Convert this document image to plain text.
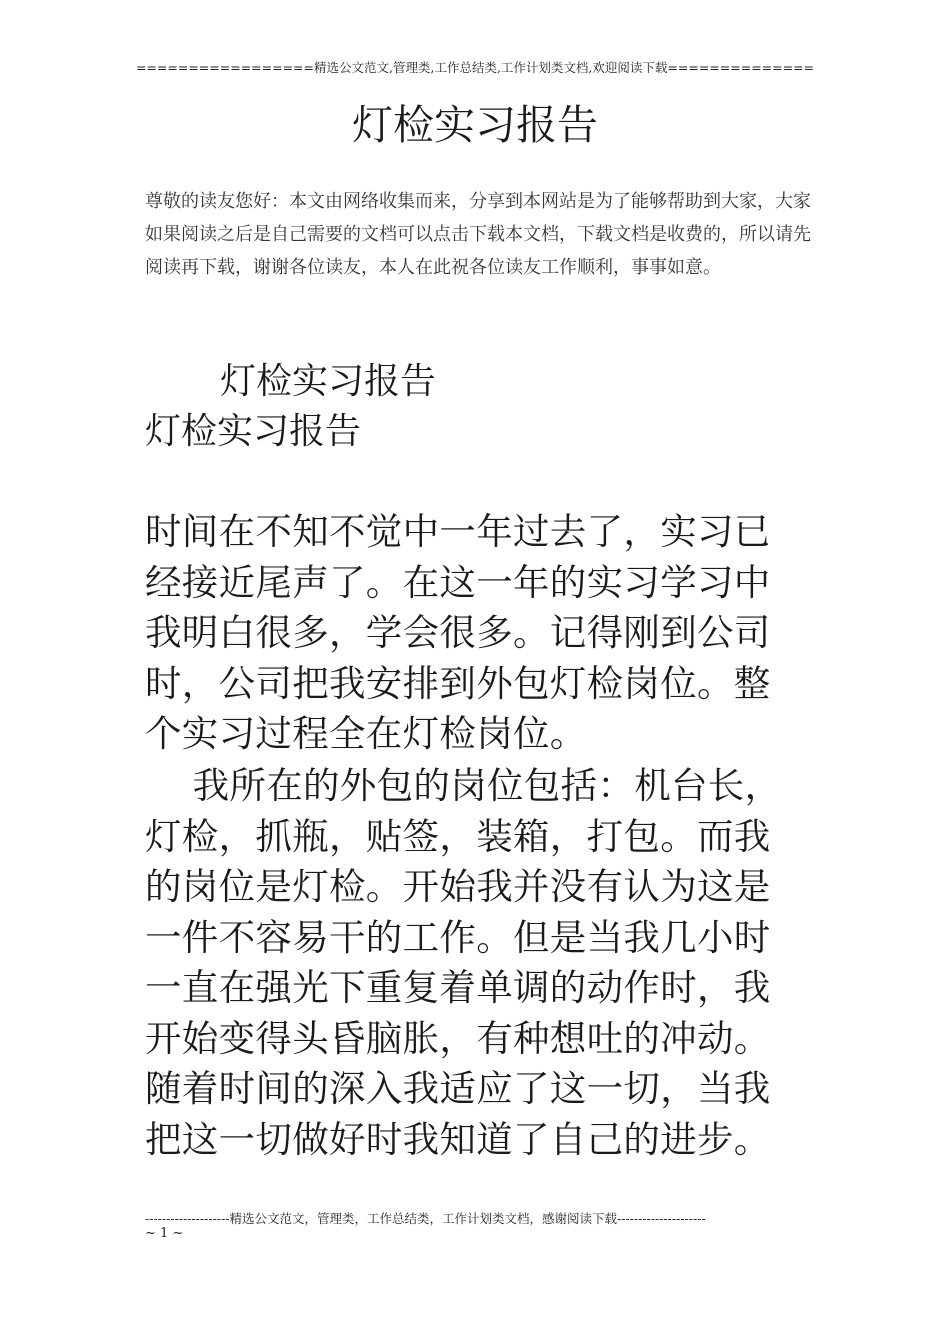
=================精选公文范文,管理类,工作总结类,工作计划类文档,欢迎阅读下载==============
灯检实习报告
尊敬的读友您好：本文由网络收集而来，分享到本网站是为了能够帮助到大家，大家如果阅读之后是自己需要的文档可以点击下载本文档，下载文档是收费的，所以请先阅读再下载，谢谢各位读友，本人在此祝各位读友工作顺利，事事如意。
灯检实习报告
灯检实习报告
时间在不知不觉中一年过去了，实习已
经接近尾声了。在这一年的实习学习中
我明白很多，学会很多。记得刚到公司
时，公司把我安排到外包灯检岗位。整
个实习过程全在灯检岗位。
我所在的外包的岗位包括：机台长，
灯检，抓瓶，贴签，装箱，打包。而我
的岗位是灯检。开始我并没有认为这是
一件不容易干的工作。但是当我几小时
一直在强光下重复着单调的动作时，我
开始变得头昏脑胀，有种想吐的冲动。
随着时间的深入我适应了这一切，当我
把这一切做好时我知道了自己的进步。
--------------------精选公文范文，管理类，工作总结类，工作计划类文档，感谢阅读下载---------------------
~ 1 ~
